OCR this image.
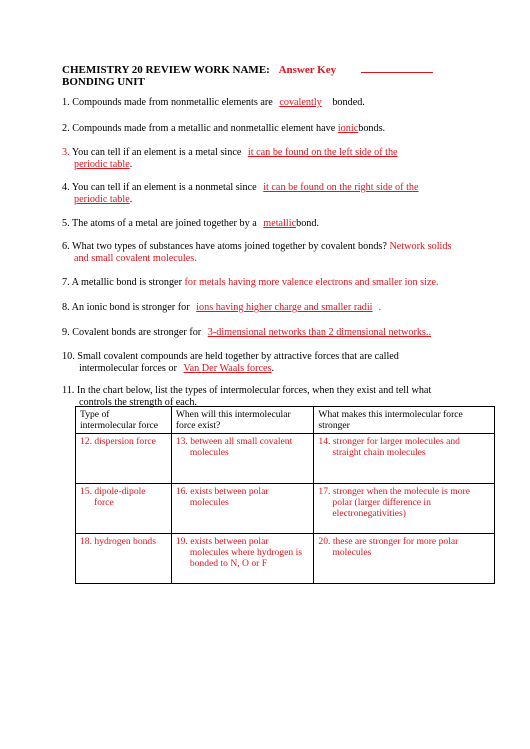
CHEMISTRY 20 REVIEW WORK NAME: Answer Key
BONDING UNIT
1. Compounds made from nonmetallic elements are covalently bonded.
2. Compounds made from a metallic and nonmetallic element have ionicbonds.
3. You can tell if an element is a metal since it can be found on the left side of the
periodic table.
4. You can tell if an element is a nonmetal since it can be found on the right side of the
periodic table.
5. The atoms of a metal are joined together by a metallicbond.
6. What two types of substances have atoms joined together by covalent bonds? Network solids
and small covalent molecules.
7. A metallic bond is stronger for metals having more valence electrons and smaller ion size.
8. An ionic bond is stronger for ions having higher charge and smaller radii .
9. Covalent bonds are stronger for 3-dimensional networks than 2 dimensional networks..
10. Small covalent compounds are held together by attractive forces that are called
intermolecular forces or Van Der Waals forces.
11. In the chart below, list the types of intermolecular forces, when they exist and tell what
controls the strength of each.
Type of intermolecular force	When will this intermolecular force exist?	What makes this intermolecular force stronger

12. dispersion force	13. between all small covalent molecules	14. stronger for larger molecules and straight chain molecules

15. dipole-dipole force	16. exists between polar molecules	17. stronger when the molecule is more polar (larger difference in electronegativities)

18. hydrogen bonds	19. exists between polar molecules where hydrogen is bonded to N, O or F	20. these are stronger for more polar molecules
